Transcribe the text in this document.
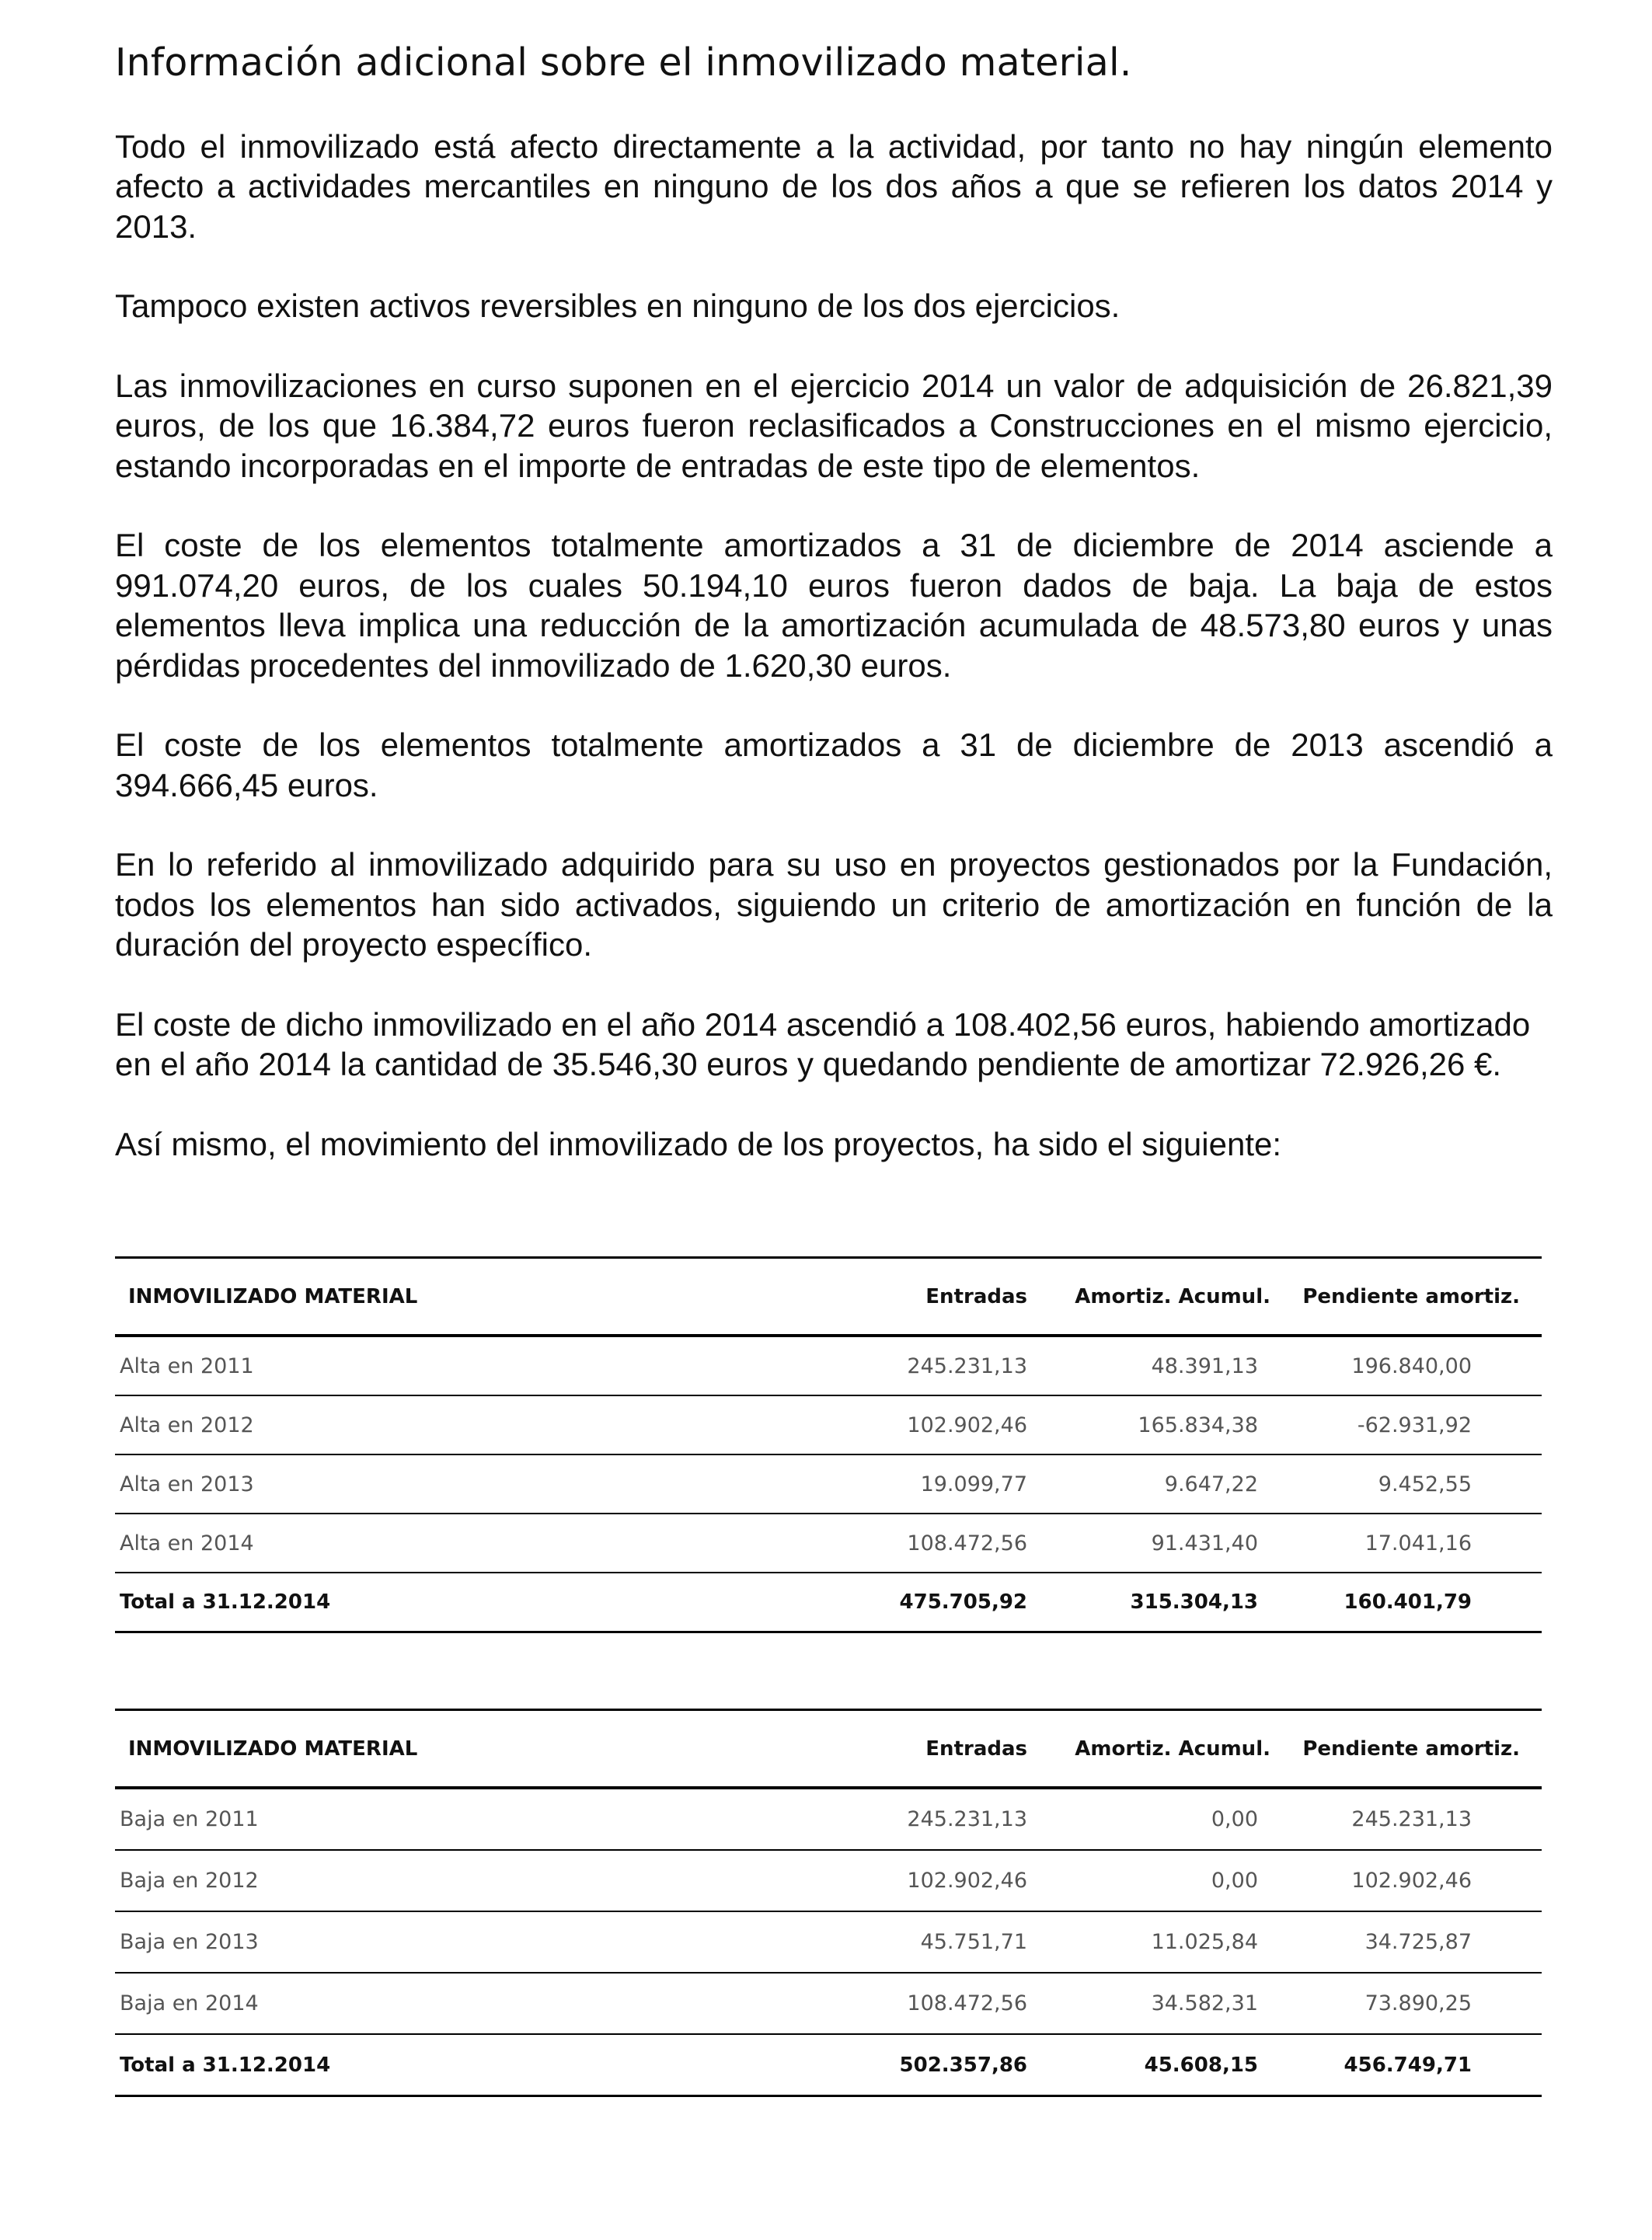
Información adicional sobre el inmovilizado material.

Todo el inmovilizado está afecto directamente a la actividad, por tanto no hay ningún elemento afecto a actividades mercantiles en ninguno de los dos años a que se refieren los datos 2014 y 2013.

Tampoco existen activos reversibles en ninguno de los dos ejercicios.

Las inmovilizaciones en curso suponen en el ejercicio 2014 un valor de adquisición de 26.821,39 euros, de los que 16.384,72 euros fueron reclasificados a Construcciones en el mismo ejercicio, estando incorporadas en el importe de entradas de este tipo de elementos.

El coste de los elementos totalmente amortizados a 31 de diciembre de 2014 asciende a 991.074,20 euros, de los cuales 50.194,10 euros fueron dados de baja. La baja de estos elementos lleva implica una reducción de la amortización acumulada de 48.573,80 euros y unas pérdidas procedentes del inmovilizado de 1.620,30 euros.

El coste de los elementos totalmente amortizados a 31 de diciembre de 2013 ascendió a 394.666,45 euros.

En lo referido al inmovilizado adquirido para su uso en proyectos gestionados por la Fundación, todos los elementos han sido activados, siguiendo un criterio de amortización en función de la duración del proyecto específico.

El coste de dicho inmovilizado en el año 2014 ascendió a 108.402,56 euros, habiendo amortizado en el año 2014 la cantidad de 35.546,30 euros y quedando pendiente de amortizar 72.926,26 €.

Así mismo, el movimiento del inmovilizado de los proyectos, ha sido el siguiente:

INMOVILIZADO MATERIAL	Entradas	Amortiz. Acumul.	Pendiente amortiz.
Alta en 2011	245.231,13	48.391,13	196.840,00
Alta en 2012	102.902,46	165.834,38	-62.931,92
Alta en 2013	19.099,77	9.647,22	9.452,55
Alta en 2014	108.472,56	91.431,40	17.041,16
Total a 31.12.2014	475.705,92	315.304,13	160.401,79
INMOVILIZADO MATERIAL	Entradas	Amortiz. Acumul.	Pendiente amortiz.
Baja en 2011	245.231,13	0,00	245.231,13
Baja en 2012	102.902,46	0,00	102.902,46
Baja en 2013	45.751,71	11.025,84	34.725,87
Baja en 2014	108.472,56	34.582,31	73.890,25
Total a 31.12.2014	502.357,86	45.608,15	456.749,71
